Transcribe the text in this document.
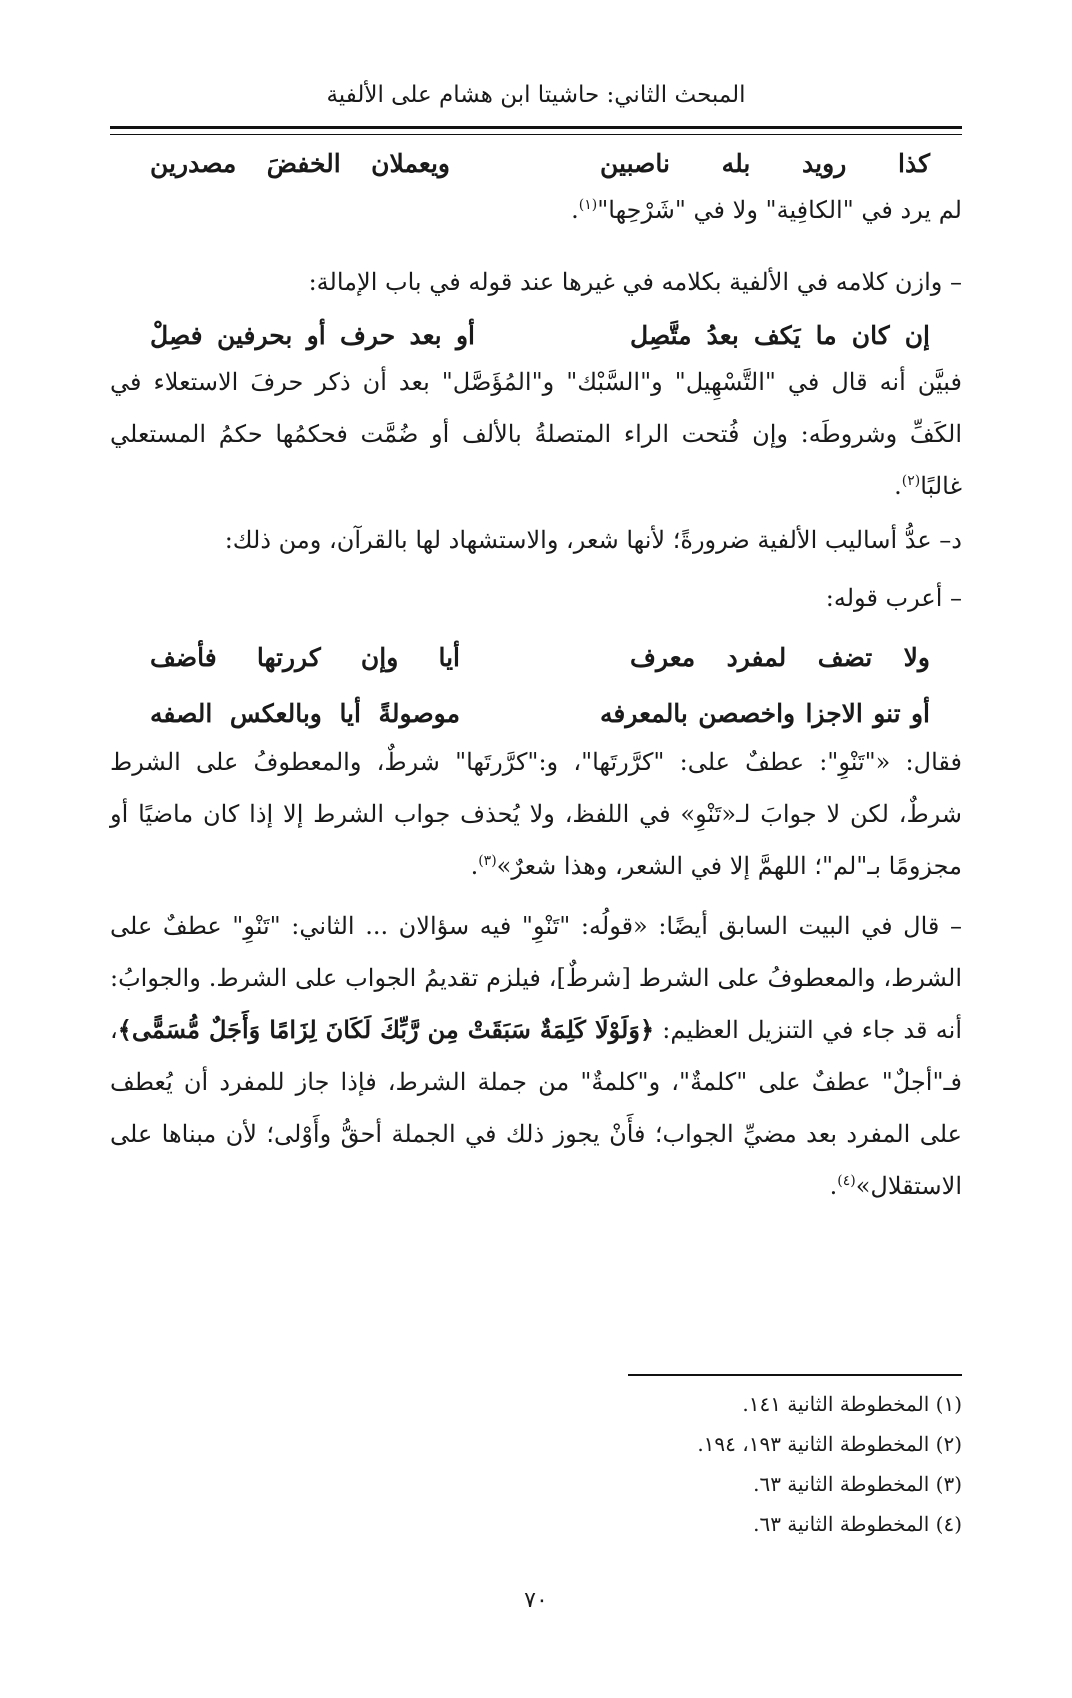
المبحث الثاني: حاشيتا ابن هشام على الألفية
كذا
رويد
بله
ناصبين
ويعملان
الخفضَ
مصدرين
لم يرد في "الكافِية" ولا في "شَرْحِها"$^{(١)}$.
– وازن كلامه في الألفية بكلامه في غيرها عند قوله في باب الإمالة:
إن
كان
ما
يَكف
بعدُ
متَّصِل
أو
بعد
حرف
أو
بحرفين
فصِلْ
فبيَّن أنه قال في "التَّسْهِيل" و"السَّبْك" و"المُؤَصَّل" بعد أن ذكر حرفَ الاستعلاء في الكَفِّ وشروطَه: وإن فُتحت الراء المتصلةُ بالألف أو ضُمَّت فحكمُها حكمُ المستعلي غالبًا$^{(٢)}$.
د– عدُّ أساليب الألفية ضرورةً؛ لأنها شعر، والاستشهاد لها بالقرآن، ومن ذلك:
– أعرب قوله:
ولا
تضف
لمفرد
معرف
أيا
وإن
كررتها
فأضف
أو
تنو
الاجزا
واخصصن
بالمعرفه
موصولةً
أيا
وبالعكس
الصفه
فقال: «"تَنْوِ": عطفٌ على: "كرَّرتَها"، و:"كرَّرتَها" شرطٌ، والمعطوفُ على الشرط شرطٌ، لكن لا جوابَ لـ«تَنْوِ» في اللفظ، ولا يُحذف جواب الشرط إلا إذا كان ماضيًا أو مجزومًا بـ"لم"؛ اللهمَّ إلا في الشعر، وهذا شعرٌ»$^{(٣)}$.
– قال في البيت السابق أيضًا: «قولُه: "تَنْوِ" فيه سؤالان ... الثاني: "تَنْوِ" عطفٌ على الشرط، والمعطوفُ على الشرط [شرطٌ]، فيلزم تقديمُ الجواب على الشرط. والجوابُ: أنه قد جاء في التنزيل العظيم: ﴿وَلَوْلَا كَلِمَةٌ سَبَقَتْ مِن رَّبِّكَ لَكَانَ لِزَامًا وَأَجَلٌ مُّسَمًّى﴾، فـ"أجلٌ" عطفٌ على "كلمةٌ"، و"كلمةٌ" من جملة الشرط، فإذا جاز للمفرد أن يُعطف على المفرد بعد مضيِّ الجواب؛ فأَنْ يجوز ذلك في الجملة أحقُّ وأَوْلى؛ لأن مبناها على الاستقلال»$^{(٤)}$.
(١) المخطوطة الثانية ١٤١.
(٢) المخطوطة الثانية ١٩٣، ١٩٤.
(٣) المخطوطة الثانية ٦٣.
(٤) المخطوطة الثانية ٦٣.
٧٠
